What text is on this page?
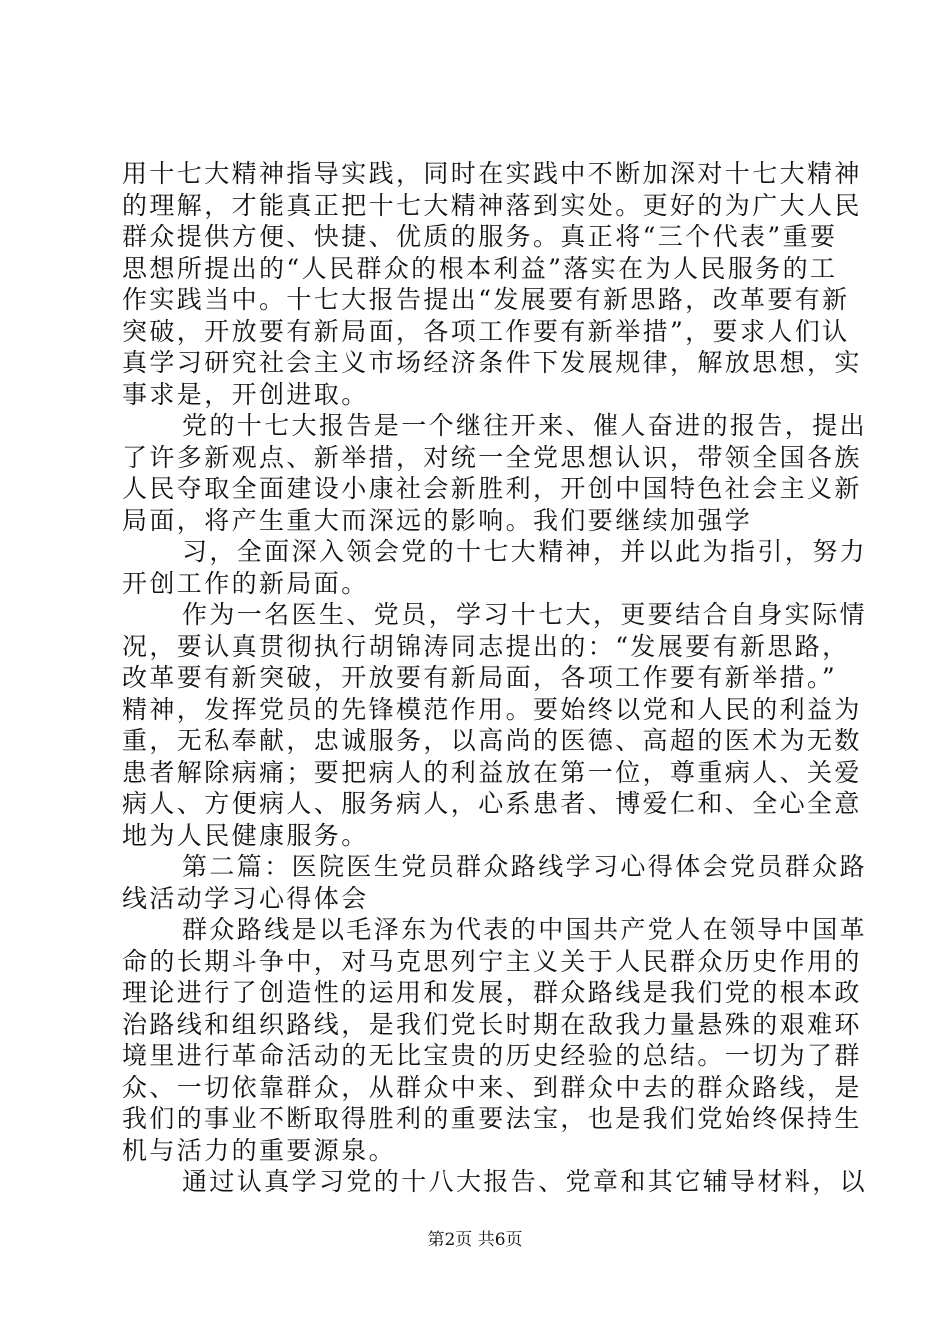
用十七大精神指导实践，同时在实践中不断加深对十七大精神
的理解，才能真正把十七大精神落到实处。更好的为广大人民
群众提供方便、快捷、优质的服务。真正将“三个代表”重要
思想所提出的“人民群众的根本利益”落实在为人民服务的工
作实践当中。十七大报告提出“发展要有新思路，改革要有新
突破，开放要有新局面，各项工作要有新举措”，要求人们认
真学习研究社会主义市场经济条件下发展规律，解放思想，实
事求是，开创进取。
党的十七大报告是一个继往开来、催人奋进的报告，提出
了许多新观点、新举措，对统一全党思想认识，带领全国各族
人民夺取全面建设小康社会新胜利，开创中国特色社会主义新
局面，将产生重大而深远的影响。我们要继续加强学
习，全面深入领会党的十七大精神，并以此为指引，努力
开创工作的新局面。
作为一名医生、党员，学习十七大，更要结合自身实际情
况，要认真贯彻执行胡锦涛同志提出的：“发展要有新思路，
改革要有新突破，开放要有新局面，各项工作要有新举措。”
精神，发挥党员的先锋模范作用。要始终以党和人民的利益为
重，无私奉献，忠诚服务，以高尚的医德、高超的医术为无数
患者解除病痛；要把病人的利益放在第一位，尊重病人、关爱
病人、方便病人、服务病人，心系患者、博爱仁和、全心全意
地为人民健康服务。
第二篇：医院医生党员群众路线学习心得体会党员群众路
线活动学习心得体会
群众路线是以毛泽东为代表的中国共产党人在领导中国革
命的长期斗争中，对马克思列宁主义关于人民群众历史作用的
理论进行了创造性的运用和发展，群众路线是我们党的根本政
治路线和组织路线，是我们党长时期在敌我力量悬殊的艰难环
境里进行革命活动的无比宝贵的历史经验的总结。一切为了群
众、一切依靠群众，从群众中来、到群众中去的群众路线，是
我们的事业不断取得胜利的重要法宝，也是我们党始终保持生
机与活力的重要源泉。
通过认真学习党的十八大报告、党章和其它辅导材料，以
第2页 共6页
